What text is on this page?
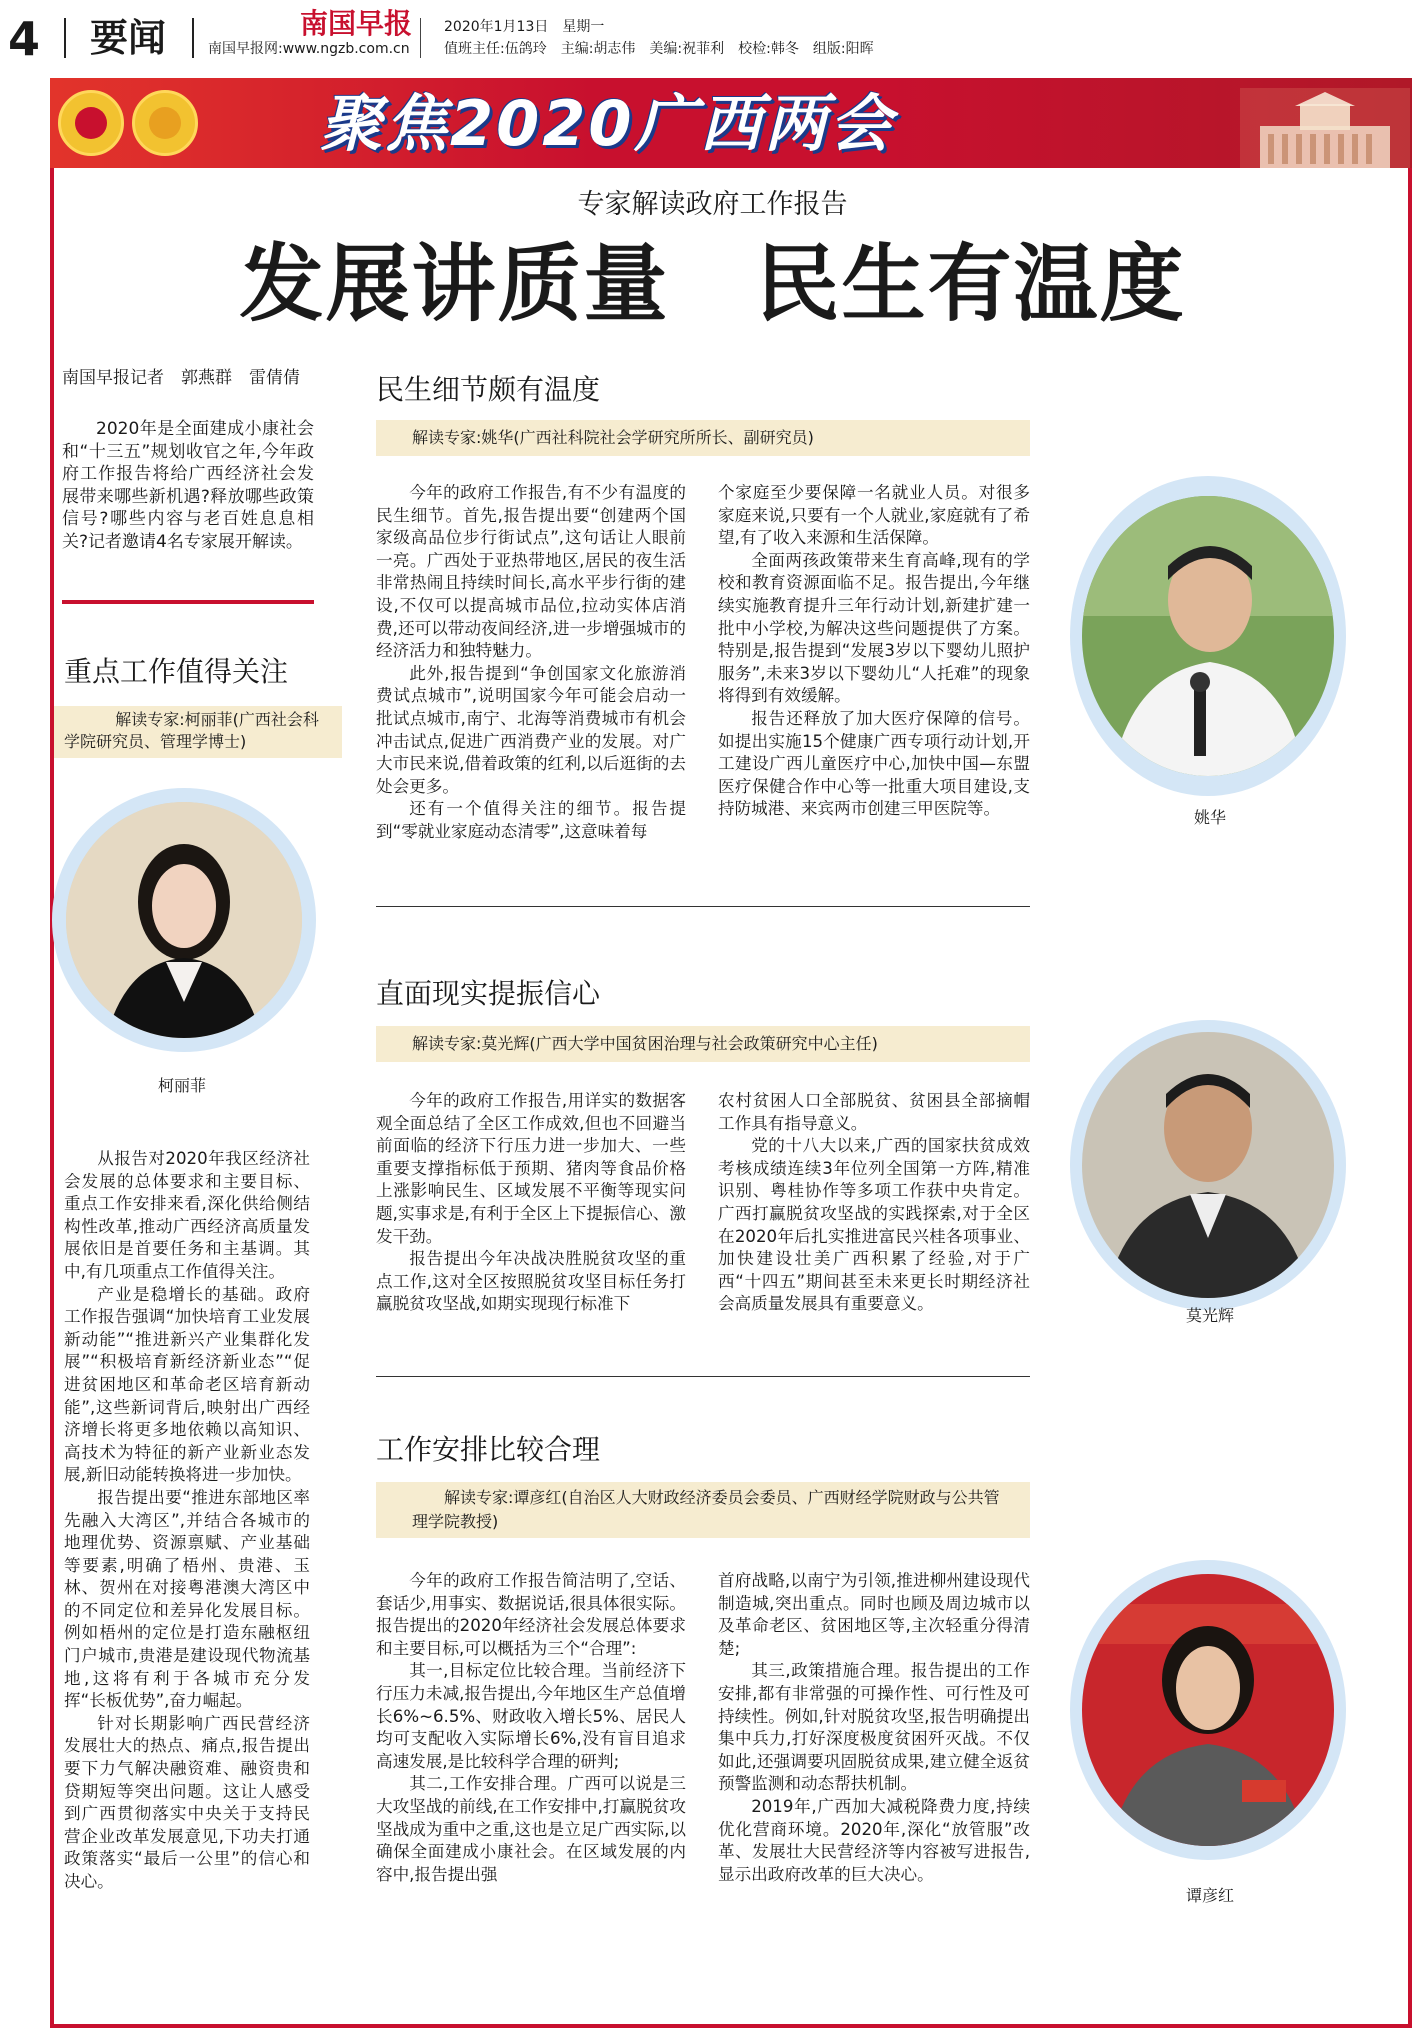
4 要闻	南国早报
南国早报网:www.ngzb.com.cn
2020年1月13日　星期一
值班主任:伍鸽玲　主编:胡志伟　美编:祝菲利　校检:韩冬　组版:阳晖
聚焦2020广西两会
专家解读政府工作报告
发展讲质量　民生有温度
南国早报记者　郭燕群　雷倩倩
2020年是全面建成小康社会和“十三五”规划收官之年,今年政府工作报告将给广西经济社会发展带来哪些新机遇?释放哪些政策信号?哪些内容与老百姓息息相关?记者邀请4名专家展开解读。
重点工作值得关注
解读专家:柯丽菲(广西社会科学院研究员、管理学博士)
柯丽菲

从报告对2020年我区经济社会发展的总体要求和主要目标、重点工作安排来看,深化供给侧结构性改革,推动广西经济高质量发展依旧是首要任务和主基调。其中,有几项重点工作值得关注。

产业是稳增长的基础。政府工作报告强调“加快培育工业发展新动能”“推进新兴产业集群化发展”“积极培育新经济新业态”“促进贫困地区和革命老区培育新动能”,这些新词背后,映射出广西经济增长将更多地依赖以高知识、高技术为特征的新产业新业态发展,新旧动能转换将进一步加快。

报告提出要“推进东部地区率先融入大湾区”,并结合各城市的地理优势、资源禀赋、产业基础等要素,明确了梧州、贵港、玉林、贺州在对接粤港澳大湾区中的不同定位和差异化发展目标。例如梧州的定位是打造东融枢纽门户城市,贵港是建设现代物流基地,这将有利于各城市充分发挥“长板优势”,奋力崛起。

针对长期影响广西民营经济发展壮大的热点、痛点,报告提出要下力气解决融资难、融资贵和贷期短等突出问题。这让人感受到广西贯彻落实中央关于支持民营企业改革发展意见,下功夫打通政策落实“最后一公里”的信心和决心。

民生细节颇有温度
解读专家:姚华(广西社科院社会学研究所所长、副研究员)

今年的政府工作报告,有不少有温度的民生细节。首先,报告提出要“创建两个国家级高品位步行街试点”,这句话让人眼前一亮。广西处于亚热带地区,居民的夜生活非常热闹且持续时间长,高水平步行街的建设,不仅可以提高城市品位,拉动实体店消费,还可以带动夜间经济,进一步增强城市的经济活力和独特魅力。

此外,报告提到“争创国家文化旅游消费试点城市”,说明国家今年可能会启动一批试点城市,南宁、北海等消费城市有机会冲击试点,促进广西消费产业的发展。对广大市民来说,借着政策的红利,以后逛街的去处会更多。

还有一个值得关注的细节。报告提到“零就业家庭动态清零”,这意味着每

个家庭至少要保障一名就业人员。对很多家庭来说,只要有一个人就业,家庭就有了希望,有了收入来源和生活保障。

全面两孩政策带来生育高峰,现有的学校和教育资源面临不足。报告提出,今年继续实施教育提升三年行动计划,新建扩建一批中小学校,为解决这些问题提供了方案。特别是,报告提到“发展3岁以下婴幼儿照护服务”,未来3岁以下婴幼儿“人托难”的现象将得到有效缓解。

报告还释放了加大医疗保障的信号。如提出实施15个健康广西专项行动计划,开工建设广西儿童医疗中心,加快中国—东盟医疗保健合作中心等一批重大项目建设,支持防城港、来宾两市创建三甲医院等。	姚华
直面现实提振信心
解读专家:莫光辉(广西大学中国贫困治理与社会政策研究中心主任)

今年的政府工作报告,用详实的数据客观全面总结了全区工作成效,但也不回避当前面临的经济下行压力进一步加大、一些重要支撑指标低于预期、猪肉等食品价格上涨影响民生、区域发展不平衡等现实问题,实事求是,有利于全区上下提振信心、激发干劲。

报告提出今年决战决胜脱贫攻坚的重点工作,这对全区按照脱贫攻坚目标任务打赢脱贫攻坚战,如期实现现行标准下

农村贫困人口全部脱贫、贫困县全部摘帽工作具有指导意义。

党的十八大以来,广西的国家扶贫成效考核成绩连续3年位列全国第一方阵,精准识别、粤桂协作等多项工作获中央肯定。广西打赢脱贫攻坚战的实践探索,对于全区在2020年后扎实推进富民兴桂各项事业、加快建设壮美广西积累了经验,对于广西“十四五”期间甚至未来更长时期经济社会高质量发展具有重要意义。

莫光辉
工作安排比较合理
解读专家:谭彦红(自治区人大财政经济委员会委员、广西财经学院财政与公共管理学院教授)

今年的政府工作报告简洁明了,空话、套话少,用事实、数据说话,很具体很实际。报告提出的2020年经济社会发展总体要求和主要目标,可以概括为三个“合理”:

其一,目标定位比较合理。当前经济下行压力未减,报告提出,今年地区生产总值增长6%~6.5%、财政收入增长5%、居民人均可支配收入实际增长6%,没有盲目追求高速发展,是比较科学合理的研判;

其二,工作安排合理。广西可以说是三大攻坚战的前线,在工作安排中,打赢脱贫攻坚战成为重中之重,这也是立足广西实际,以确保全面建成小康社会。在区域发展的内容中,报告提出强

首府战略,以南宁为引领,推进柳州建设现代制造城,突出重点。同时也顾及周边城市以及革命老区、贫困地区等,主次轻重分得清楚;

其三,政策措施合理。报告提出的工作安排,都有非常强的可操作性、可行性及可持续性。例如,针对脱贫攻坚,报告明确提出集中兵力,打好深度极度贫困歼灭战。不仅如此,还强调要巩固脱贫成果,建立健全返贫预警监测和动态帮扶机制。

2019年,广西加大减税降费力度,持续优化营商环境。2020年,深化“放管服”改革、发展壮大民营经济等内容被写进报告,显示出政府改革的巨大决心。

谭彦红
